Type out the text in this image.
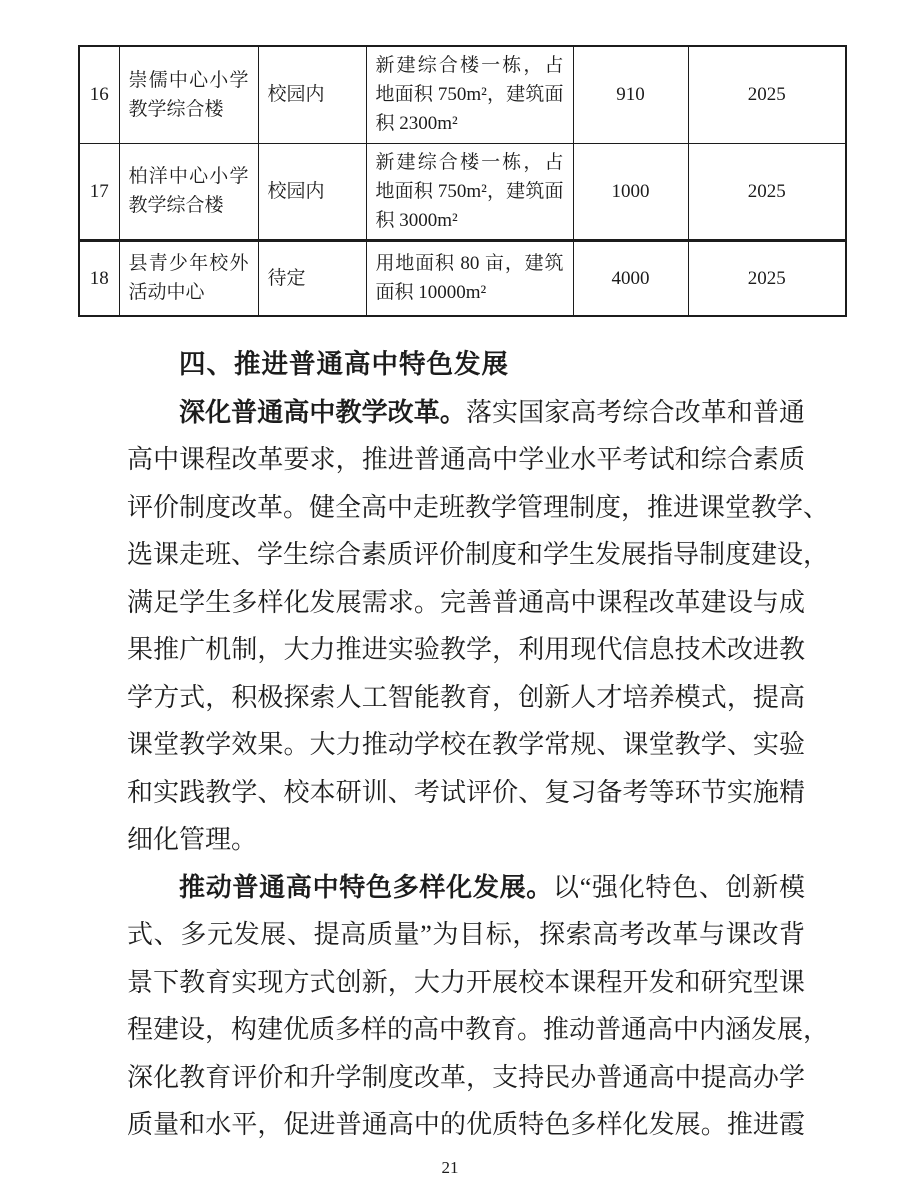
16	崇儒中心小学教学综合楼	校园内	新建综合楼一栋，占地面积 750m²，建筑面积 2300m²	910	2025
17	柏洋中心小学教学综合楼	校园内	新建综合楼一栋，占地面积 750m²，建筑面积 3000m²	1000	2025
18	县青少年校外活动中心	待定	用地面积 80 亩，建筑面积 10000m²	4000	2025
四、推进普通高中特色发展
深化普通高中教学改革。落实国家高考综合改革和普通
高中课程改革要求，推进普通高中学业水平考试和综合素质
评价制度改革。健全高中走班教学管理制度，推进课堂教学、
选课走班、学生综合素质评价制度和学生发展指导制度建设，
满足学生多样化发展需求。完善普通高中课程改革建设与成
果推广机制，大力推进实验教学，利用现代信息技术改进教
学方式，积极探索人工智能教育，创新人才培养模式，提高
课堂教学效果。大力推动学校在教学常规、课堂教学、实验
和实践教学、校本研训、考试评价、复习备考等环节实施精
细化管理。
推动普通高中特色多样化发展。以“强化特色、创新模
式、多元发展、提高质量”为目标，探索高考改革与课改背
景下教育实现方式创新，大力开展校本课程开发和研究型课
程建设，构建优质多样的高中教育。推动普通高中内涵发展，
深化教育评价和升学制度改革，支持民办普通高中提高办学
质量和水平，促进普通高中的优质特色多样化发展。推进霞
21
